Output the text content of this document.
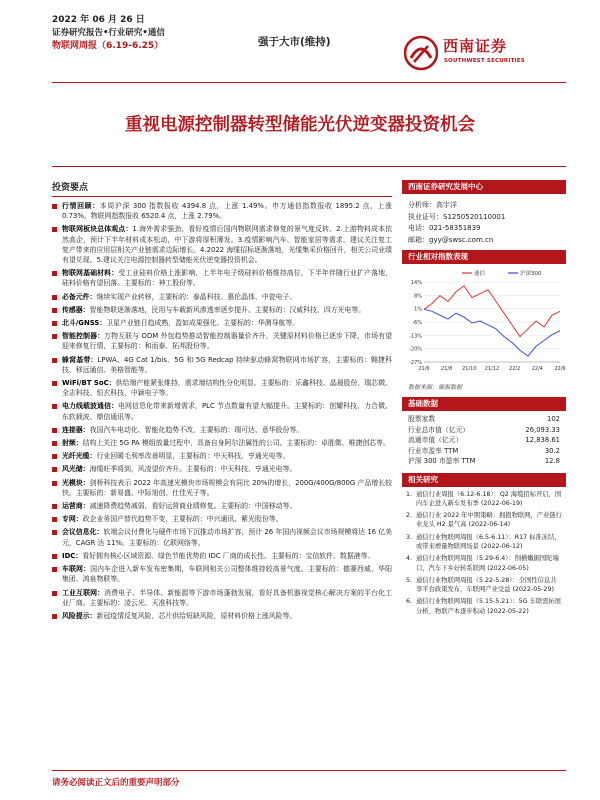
2022 年 06 月 26 日
证券研究报告•行业研究•通信
物联网周报（6.19-6.25）	强于大市(维持)	西南证券
SOUTHWEST SECURITIES
重视电源控制器转型储能光伏逆变器投资机会
投资要点
行情回顾：本周沪深 300 指数报收 4394.8 点，上涨 1.49%。申万通信指数报收 1895.2 点，上涨 0.73%。物联网指数报收 6520.4 点，上涨 2.79%。
物联网板块总体观点：1.海外需求强劲，看好疫情后国内物联网需求修复的景气度反转。2.上游物料成本依然高企，预计下半年材料成本松动，中下游将厚积薄发。3.疫情影响汽车、智能家居等需求，建议关注复工复产带来的应用层相关产业链需求边际增长。4.2022 海缆招标逐渐落地，光缆集采价格回升，相关公司业绩有望兑现。5.建议关注电源控制器转型储能光伏逆变器投资机会。
物联网基础材料：受工业硅料价格上涨影响，上半年电子级硅料价格维持高位，下半年伴随行业扩产落地，硅料价格有望回落。主要标的：神工股份等。
必备元件：继续实现产业转移，主要标的：泰晶科技、惠伦晶体、中瓷电子。
传感器：智能物联逐渐落地，民用与车载新风渗透率逐步提升。主要标的：汉威科技、四方光电等。
北斗/GNSS：卫星产业链日趋成熟，盈如成果强化。主要标的：华测导航等。
智能控制器：万物互联与 ODM 外包趋势推动智能控制器量价齐升，关键原材料价格已逐步下降，市场有望迎来修复行情，主要标的：和而泰、拓邦股份等。
蜂窝基带：LPWA、4G Cat 1/bis、5G 和 5G Redcap 持续驱动蜂窝物联网市场扩容，主要标的：翱捷科技、移远通信、美格智能等。
WiFi/BT SoC：供给端产能紧张维持，需求端结构性分化明显。主要标的：乐鑫科技、晶晨股份、瑞芯微、全志科技、恒玄科技、中颖电子等。
电力线载波通信：电网信息化带来新增需求，PLC 节点数量有望大幅提升。主要标的：创耀科技、力合微、东软载波、鼎信通讯等。
连接器：我国汽车电动化、智能化趋势不改，主要标的：瑞可达、意华股份等。
射频：结构上关注 5G PA 模组放量过程中，具备自身阿尔法属性的公司。主要标的：卓胜微、唯捷创芯等。
光纤光缆：行业回暖毛利率改善明显，主要标的：中天科技、亨通光电等。
风光储：海缆旺季将到，风凌望价齐升。主要标的：中天科技、亨通光电等。
光模块：剑桥科技表示 2022 年高速光模块市场规模会有同比 20%的增长，200G/400G/800G 产品增长较快。主要标的：新易盛、中际旭创、仕佳光子等。
运营商：减速降费趋势减弱，看好运营商业绩修复。主要标的：中国移动等。
专网：政企业务国产替代趋势不变，主要标的：中兴通讯、紫光股份等。
会议信息化：软端会议付费化与硬件市场下沉推动市场扩容，预计 26 年国内视频会议市场规模将达 16 亿美元，CAGR 达 11%。主要标的：亿联网络等。
IDC：看好拥有核心区域资源、绿色节能优势的 IDC 厂商的成长性。主要标的：宝信软件、数据港等。
车联网：国内车企进入新车发布密集期，车联网相关公司整体维持较高景气度。主要标的：德赛西威、华阳集团、鸿泉物联等。
工业互联网：消费电子、半导体、新能源等下游市场蓬勃发展，看好具备机器视觉核心解决方案的平台化工业厂商。主要标的：凌云光、天准科技等。
风险提示：新冠疫情反复风险，芯片供给短缺风险，原材料价格上涨风险等。
西南证券研究发展中心
分析师：高宇洋
执业证号：S1250520110001
电话：021-58351839
邮箱：gyy@swsc.com.cn
行业相对指数表现
14%
8%
1%
-6%
-13%
-20%
-27%
21/6 21/8 21/10 21/12 22/2 22/4 22/6
通信	沪深300
数据来源：聚源数据
基础数据
股票家数	102
行业总市值（亿元）	26,093.33
流通市值（亿元）	12,838.61
行业市盈率 TTM	30.2
沪深 300 市盈率 TTM	12.8
相关研究
1. 通信行业周报（6.12-6.18）：Q2 海缆招标开启，国内车企进入新车发布季 (2022-06-19)
2. 通信行业 2022 年中期策略：拥抱物联网，产业链行业龙头 H2 景气高 (2022-06-14)
3. 通信行业物联网周报（6.5-6.11）：R17 标准冻结，或带来增量物联网场景 (2022-06-12)
4. 通信行业物联网周报（5.29-6.4）：削横嫩掘国陀端口，汽车下乡好转系联网 (2022-06-05)
5. 通信行业物联网周报（5.22-5.28）：全国性信息共享平台政策发布，车联网产业受益 (2022-05-29)
6. 通信行业物联网周报（5.15-5.21）：5G 车联需拓展分析、物联产本逐步积动 (2022-05-22)
请务必阅读正文后的重要声明部分
